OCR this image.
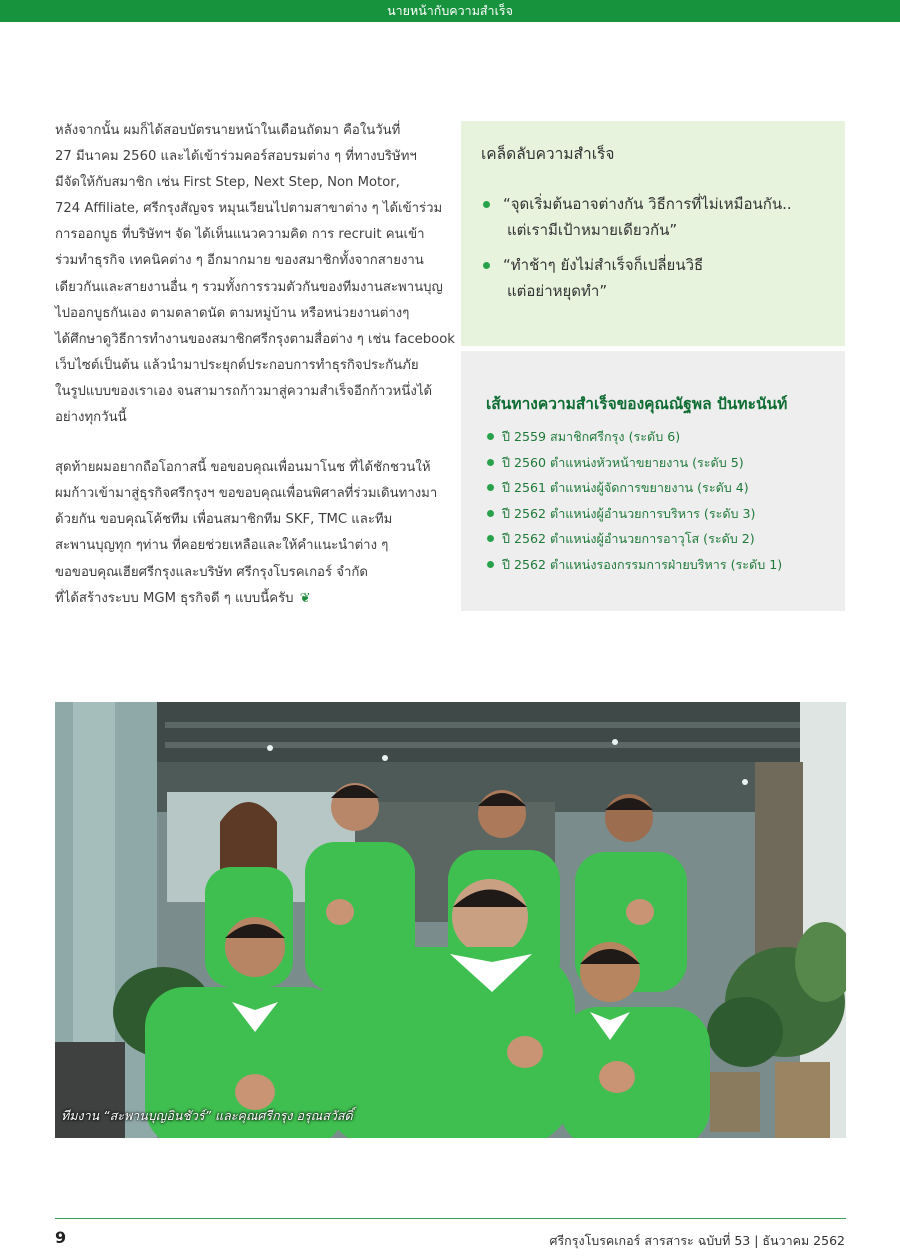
นายหน้ากับความสำเร็จ

หลังจากนั้น ผมก็ได้สอบบัตรนายหน้าในเดือนถัดมา คือในวันที่
27 มีนาคม 2560 และได้เข้าร่วมคอร์สอบรมต่าง ๆ ที่ทางบริษัทฯ
มีจัดให้กับสมาชิก เช่น First Step, Next Step, Non Motor,
724 Affiliate, ศรีกรุงสัญจร หมุนเวียนไปตามสาขาต่าง ๆ ได้เข้าร่วม
การออกบูธ ที่บริษัทฯ จัด ได้เห็นแนวความคิด การ recruit คนเข้า
ร่วมทำธุรกิจ เทคนิคต่าง ๆ อีกมากมาย ของสมาชิกทั้งจากสายงาน
เดียวกันและสายงานอื่น ๆ รวมทั้งการรวมตัวกันของทีมงานสะพานบุญ
ไปออกบูธกันเอง ตามตลาดนัด ตามหมู่บ้าน หรือหน่วยงานต่างๆ
ได้ศึกษาดูวิธีการทำงานของสมาชิกศรีกรุงตามสื่อต่าง ๆ เช่น facebook
เว็บไซต์เป็นต้น แล้วนำมาประยุกต์ประกอบการทำธุรกิจประกันภัย
ในรูปแบบของเราเอง จนสามารถก้าวมาสู่ความสำเร็จอีกก้าวหนึ่งได้
อย่างทุกวันนี้

สุดท้ายผมอยากถือโอกาสนี้ ขอขอบคุณเพื่อนมาโนช ที่ได้ชักชวนให้
ผมก้าวเข้ามาสู่ธุรกิจศรีกรุงฯ ขอขอบคุณเพื่อนพิศาลที่ร่วมเดินทางมา
ด้วยกัน ขอบคุณโค้ชทีม เพื่อนสมาชิกทีม SKF, TMC และทีม
สะพานบุญทุก ๆท่าน ที่คอยช่วยเหลือและให้คำแนะนำต่าง ๆ
ขอขอบคุณเฮียศรีกรุงและบริษัท ศรีกรุงโบรคเกอร์ จำกัด
ที่ได้สร้างระบบ MGM ธุรกิจดี ๆ แบบนี้ครับ ❦

เคล็ดลับความสำเร็จ
“จุดเริ่มต้นอาจต่างกัน วิธีการที่ไม่เหมือนกัน..
แต่เรามีเป้าหมายเดียวกัน”
“ทำช้าๆ ยังไม่สำเร็จก็เปลี่ยนวิธี
แต่อย่าหยุดทำ”
เส้นทางความสำเร็จของคุณณัฐพล ปันทะนันท์
ปี 2559 สมาชิกศรีกรุง (ระดับ 6)
ปี 2560 ตำแหน่งหัวหน้าขยายงาน (ระดับ 5)
ปี 2561 ตำแหน่งผู้จัดการขยายงาน (ระดับ 4)
ปี 2562 ตำแหน่งผู้อำนวยการบริหาร (ระดับ 3)
ปี 2562 ตำแหน่งผู้อำนวยการอาวุโส (ระดับ 2)
ปี 2562 ตำแหน่งรองกรรมการฝ่ายบริหาร (ระดับ 1)
ทีมงาน “สะพานบุญอินชัวร์” และคุณศรีกรุง อรุณสวัสดิ์
9	ศรีกรุงโบรคเกอร์ สารสาระ ฉบับที่ 53 | ธันวาคม 2562
